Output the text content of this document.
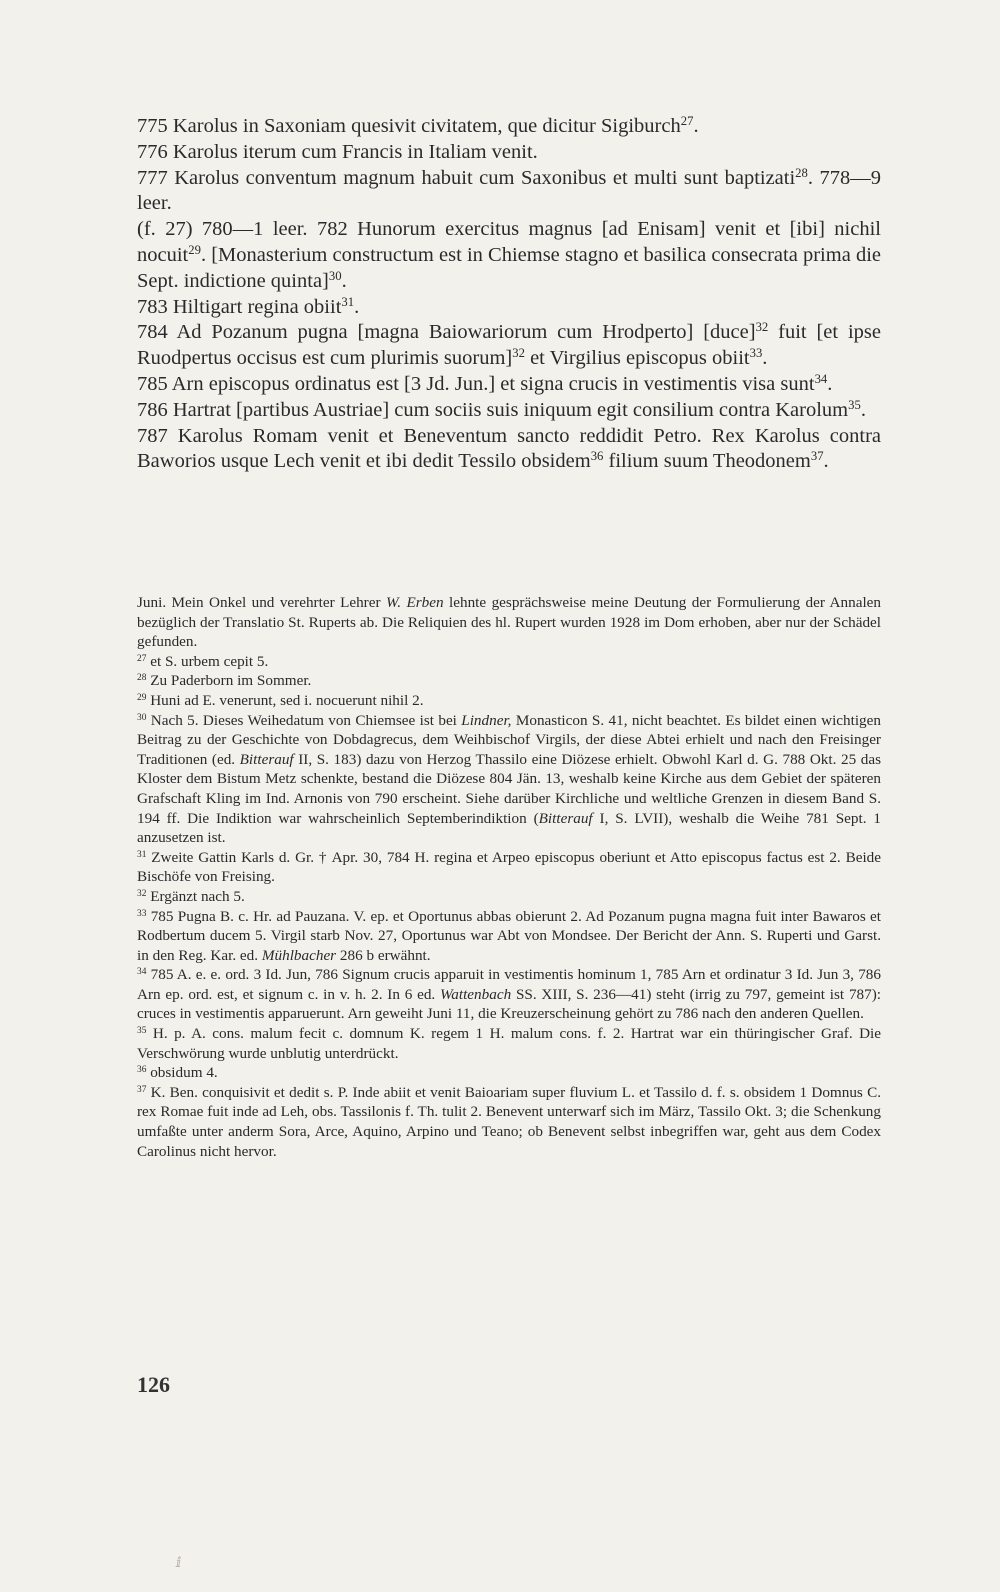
775 Karolus in Saxoniam quesivit civitatem, que dicitur Sigiburch$^{27}$.

776 Karolus iterum cum Francis in Italiam venit.

777 Karolus conventum magnum habuit cum Saxonibus et multi sunt baptizati$^{28}$. 778—9 leer.

(f. 27) 780—1 leer. 782 Hunorum exercitus magnus [ad Enisam] venit et [ibi] nichil nocuit$^{29}$. [Monasterium constructum est in Chiemse stagno et basilica consecrata prima die Sept. indictione quinta]$^{30}$.

783 Hiltigart regina obiit$^{31}$.

784 Ad Pozanum pugna [magna Baiowariorum cum Hrodperto] [duce]$^{32}$ fuit [et ipse Ruodpertus occisus est cum plurimis suorum]$^{32}$ et Virgilius episcopus obiit$^{33}$.

785 Arn episcopus ordinatus est [3 Jd. Jun.] et signa crucis in vestimentis visa sunt$^{34}$.

786 Hartrat [partibus Austriae] cum sociis suis iniquum egit consilium contra Karolum$^{35}$.

787 Karolus Romam venit et Beneventum sancto reddidit Petro. Rex Karolus contra Baworios usque Lech venit et ibi dedit Tessilo obsidem$^{36}$ filium suum Theodonem$^{37}$.

Juni. Mein Onkel und verehrter Lehrer W. Erben lehnte gesprächsweise meine Deutung der Formulierung der Annalen bezüglich der Translatio St. Ruperts ab. Die Reliquien des hl. Rupert wurden 1928 im Dom erhoben, aber nur der Schädel gefunden.

$^{27}$ et S. urbem cepit 5.

$^{28}$ Zu Paderborn im Sommer.

$^{29}$ Huni ad E. venerunt, sed i. nocuerunt nihil 2.

$^{30}$ Nach 5. Dieses Weihedatum von Chiemsee ist bei Lindner, Monasticon S. 41, nicht beachtet. Es bildet einen wichtigen Beitrag zu der Geschichte von Dobdagrecus, dem Weihbischof Virgils, der diese Abtei erhielt und nach den Freisinger Traditionen (ed. Bitterauf II, S. 183) dazu von Herzog Thassilo eine Diözese erhielt. Obwohl Karl d. G. 788 Okt. 25 das Kloster dem Bistum Metz schenkte, bestand die Diözese 804 Jän. 13, weshalb keine Kirche aus dem Gebiet der späteren Grafschaft Kling im Ind. Arnonis von 790 erscheint. Siehe darüber Kirchliche und weltliche Grenzen in diesem Band S. 194 ff. Die Indiktion war wahrscheinlich Septemberindiktion (Bitterauf I, S. LVII), weshalb die Weihe 781 Sept. 1 anzusetzen ist.

$^{31}$ Zweite Gattin Karls d. Gr. † Apr. 30, 784 H. regina et Arpeo episcopus oberiunt et Atto episcopus factus est 2. Beide Bischöfe von Freising.

$^{32}$ Ergänzt nach 5.

$^{33}$ 785 Pugna B. c. Hr. ad Pauzana. V. ep. et Oportunus abbas obierunt 2. Ad Pozanum pugna magna fuit inter Bawaros et Rodbertum ducem 5. Virgil starb Nov. 27, Oportunus war Abt von Mondsee. Der Bericht der Ann. S. Ruperti und Garst. in den Reg. Kar. ed. Mühlbacher 286 b erwähnt.

$^{34}$ 785 A. e. e. ord. 3 Id. Jun, 786 Signum crucis apparuit in vestimentis hominum 1, 785 Arn et ordinatur 3 Id. Jun 3, 786 Arn ep. ord. est, et signum c. in v. h. 2. In 6 ed. Wattenbach SS. XIII, S. 236—41) steht (irrig zu 797, gemeint ist 787): cruces in vestimentis apparuerunt. Arn geweiht Juni 11, die Kreuzerscheinung gehört zu 786 nach den anderen Quellen.

$^{35}$ H. p. A. cons. malum fecit c. domnum K. regem 1 H. malum cons. f. 2. Hartrat war ein thüringischer Graf. Die Verschwörung wurde unblutig unterdrückt.

$^{36}$ obsidum 4.

$^{37}$ K. Ben. conquisivit et dedit s. P. Inde abiit et venit Baioariam super fluvium L. et Tassilo d. f. s. obsidem 1 Domnus C. rex Romae fuit inde ad Leh, obs. Tassilonis f. Th. tulit 2. Benevent unterwarf sich im März, Tassilo Okt. 3; die Schenkung umfaßte unter anderm Sora, Arce, Aquino, Arpino und Teano; ob Benevent selbst inbegriffen war, geht aus dem Codex Carolinus nicht hervor.

126
ⅈ
